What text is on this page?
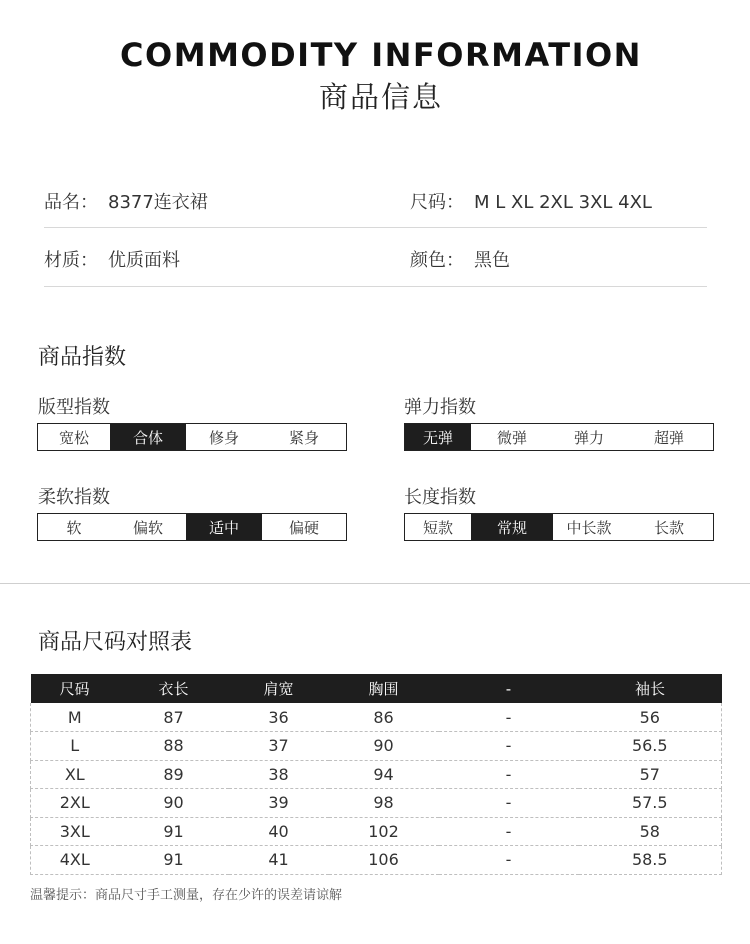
COMMODITY INFORMATION
商品信息
品名： 8377连衣裙	尺码： M L XL 2XL 3XL 4XL
材质： 优质面料	颜色： 黑色
商品指数
版型指数
宽松	合体	修身	紧身
弹力指数
无弹	微弹	弹力	超弹
柔软指数
软	偏软	适中	偏硬
长度指数
短款	常规	中长款	长款
商品尺码对照表
尺码	衣长	肩宽	胸围	-	袖长
M	87	36	86	-	56
L	88	37	90	-	56.5
XL	89	38	94	-	57
2XL	90	39	98	-	57.5
3XL	91	40	102	-	58
4XL	91	41	106	-	58.5
温馨提示：商品尺寸手工测量，存在少许的误差请谅解
